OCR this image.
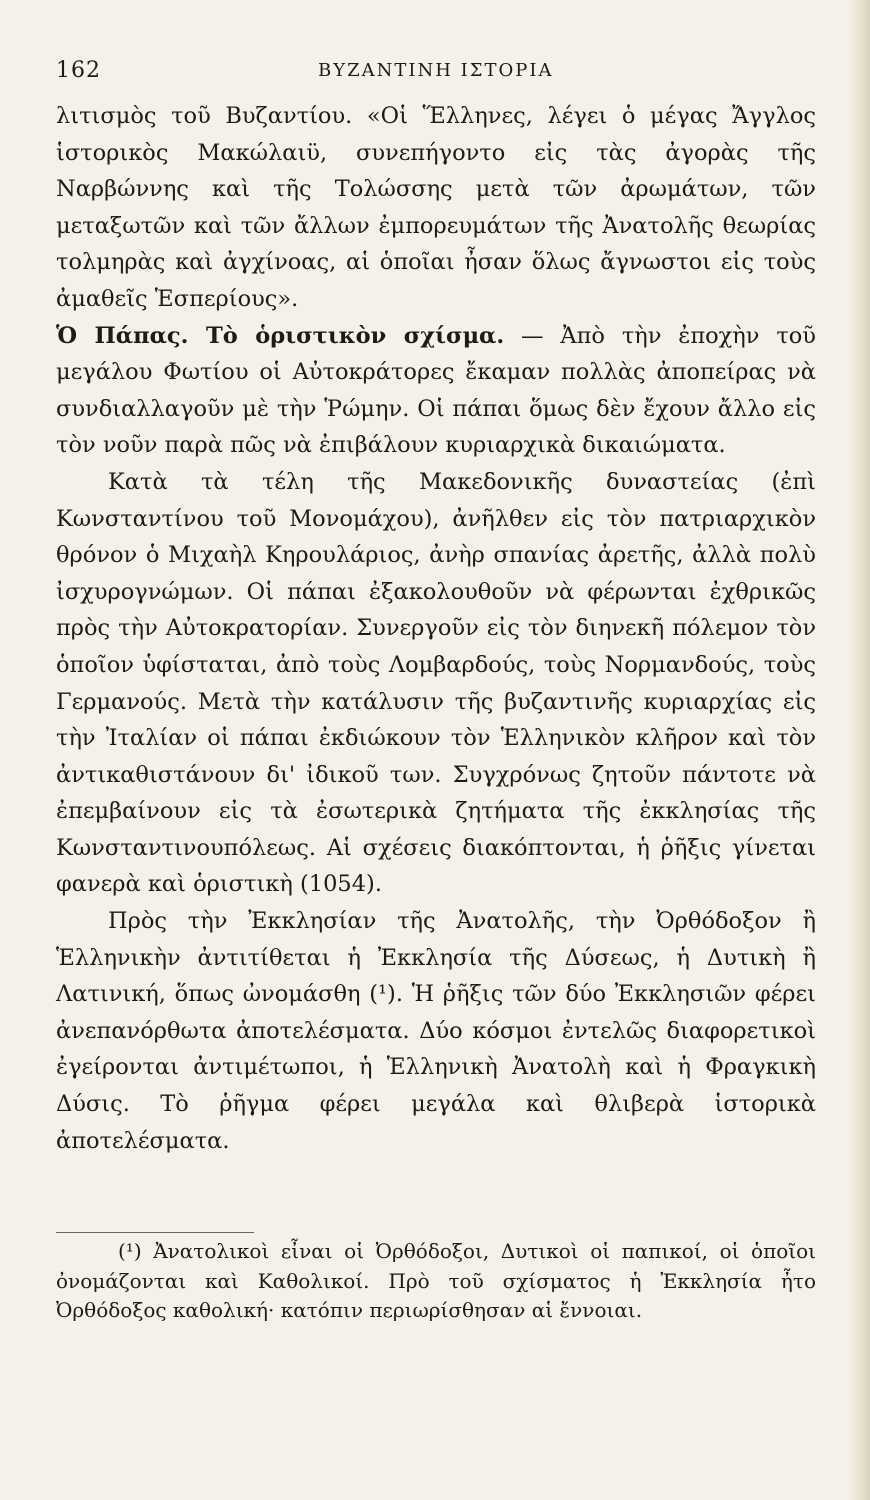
162	ΒΥΖΑΝΤΙΝΗ ΙΣΤΟΡΙΑ

λιτισμὸς τοῦ Βυζαντίου. «Οἱ Ἕλληνες, λέγει ὁ μέγας Ἄγγλος ἱστορικὸς Μακώλαιϋ, συνεπήγοντο εἰς τὰς ἀγορὰς τῆς Ναρβώννης καὶ τῆς Τολώσσης μετὰ τῶν ἀρωμάτων, τῶν μεταξωτῶν καὶ τῶν ἄλλων ἐμπορευμάτων τῆς Ἀνατολῆς θεωρίας τολμηρὰς καὶ ἀγχίνοας, αἱ ὁποῖαι ἦσαν ὅλως ἄγνωστοι εἰς τοὺς ἀμαθεῖς Ἑσπερίους».

Ὁ Πάπας. Τὸ ὁριστικὸν σχίσμα. — Ἀπὸ τὴν ἐποχὴν τοῦ μεγάλου Φωτίου οἱ Αὐτοκράτορες ἔκαμαν πολλὰς ἀποπείρας νὰ συνδιαλλαγοῦν μὲ τὴν Ῥώμην. Οἱ πάπαι ὅμως δὲν ἔχουν ἄλλο εἰς τὸν νοῦν παρὰ πῶς νὰ ἐπιβάλουν κυριαρχικὰ δικαιώματα.

Κατὰ τὰ τέλη τῆς Μακεδονικῆς δυναστείας (ἐπὶ Κωνσταντίνου τοῦ Μονομάχου), ἀνῆλθεν εἰς τὸν πατριαρχικὸν θρόνον ὁ Μιχαὴλ Κηρουλάριος, ἀνὴρ σπανίας ἀρετῆς, ἀλλὰ πολὺ ἰσχυρογνώμων. Οἱ πάπαι ἐξακολουθοῦν νὰ φέρωνται ἐχθρικῶς πρὸς τὴν Αὐτοκρατορίαν. Συνεργοῦν εἰς τὸν διηνεκῆ πόλεμον τὸν ὁποῖον ὑφίσταται, ἀπὸ τοὺς Λομβαρδούς, τοὺς Νορμανδούς, τοὺς Γερμανούς. Μετὰ τὴν κατάλυσιν τῆς βυζαντινῆς κυριαρχίας εἰς τὴν Ἰταλίαν οἱ πάπαι ἐκδιώκουν τὸν Ἑλληνικὸν κλῆρον καὶ τὸν ἀντικαθιστάνουν δι' ἰδικοῦ των. Συγχρόνως ζητοῦν πάντοτε νὰ ἐπεμβαίνουν εἰς τὰ ἐσωτερικὰ ζητήματα τῆς ἐκκλησίας τῆς Κωνσταντινουπόλεως. Αἱ σχέσεις διακόπτονται, ἡ ῥῆξις γίνεται φανερὰ καὶ ὁριστικὴ (1054).

Πρὸς τὴν Ἐκκλησίαν τῆς Ἀνατολῆς, τὴν Ὀρθόδοξον ἢ Ἑλληνικὴν ἀντιτίθεται ἡ Ἐκκλησία τῆς Δύσεως, ἡ Δυτικὴ ἢ Λατινική, ὅπως ὠνομάσθη (¹). Ἡ ῥῆξις τῶν δύο Ἐκκλησιῶν φέρει ἀνεπανόρθωτα ἀποτελέσματα. Δύο κόσμοι ἐντελῶς διαφορετικοὶ ἐγείρονται ἀντιμέτωποι, ἡ Ἑλληνικὴ Ἀνατολὴ καὶ ἡ Φραγκικὴ Δύσις. Τὸ ῥῆγμα φέρει μεγάλα καὶ θλιβερὰ ἱστορικὰ ἀποτελέσματα.

(¹) Ἀνατολικοὶ εἶναι οἱ Ὀρθόδοξοι, Δυτικοὶ οἱ παπικοί, οἱ ὁποῖοι ὀνομάζονται καὶ Καθολικοί. Πρὸ τοῦ σχίσματος ἡ Ἐκκλησία ἦτο Ὀρθόδοξος καθολική· κατόπιν περιωρίσθησαν αἱ ἔννοιαι.
